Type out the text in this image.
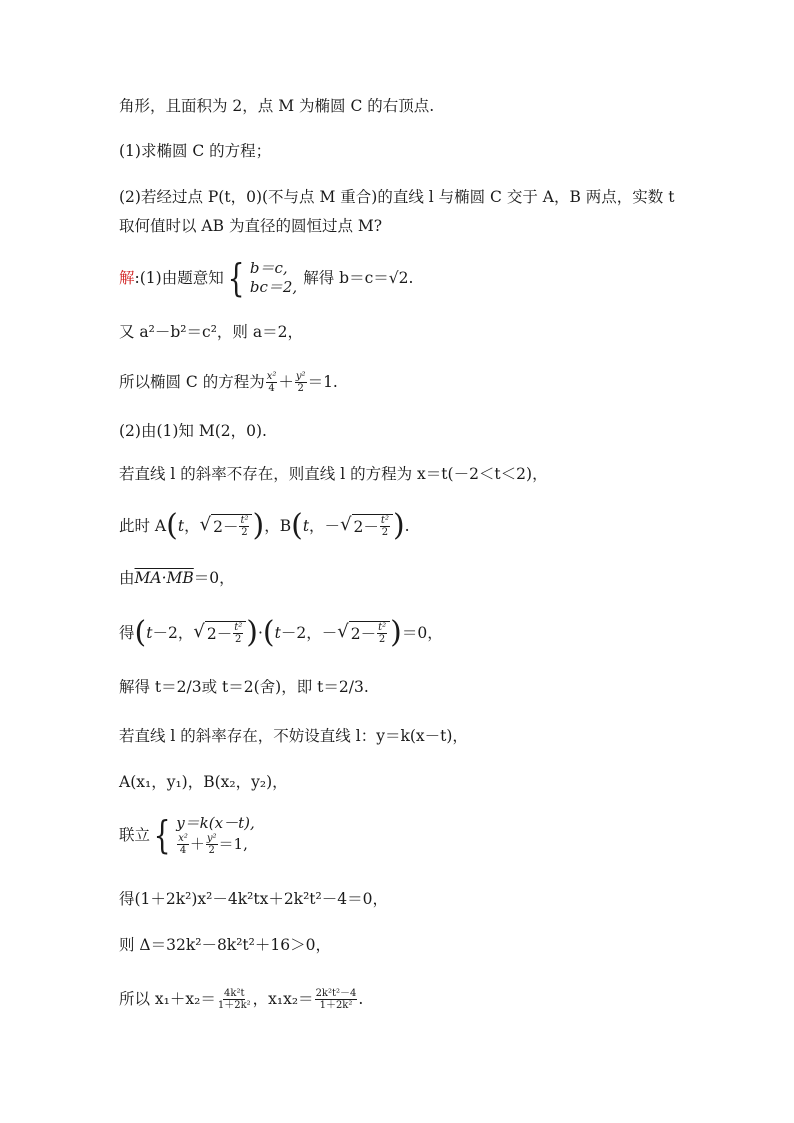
角形，且面积为 2，点 M 为椭圆 C 的右顶点.
(1)求椭圆 C 的方程；
(2)若经过点 P(t，0)(不与点 M 重合)的直线 l 与椭圆 C 交于 A，B 两点，实数 t
取何值时以 AB 为直径的圆恒过点 M?
解 :(1)由题意知 { b＝c,
bc＝2, 解得 b＝c＝√2.
又 a²－b²＝c²，则 a＝2，
所以椭圆 C 的方程为 $\frac{\text{x²}}{4} + \frac{\text{y²}}{2} =1$.
(2)由(1)知 M(2，0).
若直线 l 的斜率不存在，则直线 l 的方程为 x＝t(－2＜t＜2)，
此时 A ( t ， √ $2- \frac{\text{t²}}{2}$ ) ，B ( t ，－ √ $2- \frac{\text{t²}}{2}$ ) .
由 MA·MB ＝0，
得 ( t －2， √ $2- \frac{\text{t²}}{2}$ ) · ( t －2，－ √ $2- \frac{\text{t²}}{2}$ ) ＝0，
解得 t＝2/3或 t＝2(舍)，即 t＝2/3.
若直线 l 的斜率存在，不妨设直线 l：y＝k(x－t)，
A(x₁，y₁)，B(x₂，y₂)，
联立 { y＝k(x－t),
$\frac{\text{x²}}{4} + \frac{\text{y²}}{2} =1$,
得(1＋2k²)x²－4k²tx＋2k²t²－4＝0，
则 Δ＝32k²－8k²t²＋16＞0，
所以 $x_1+x_2= \frac{\text{4k²t}}{\text{1＋2k²}}$ ，$x_1x_2= \frac{\text{2k²t²－4}}{\text{1＋2k²}}$ .
